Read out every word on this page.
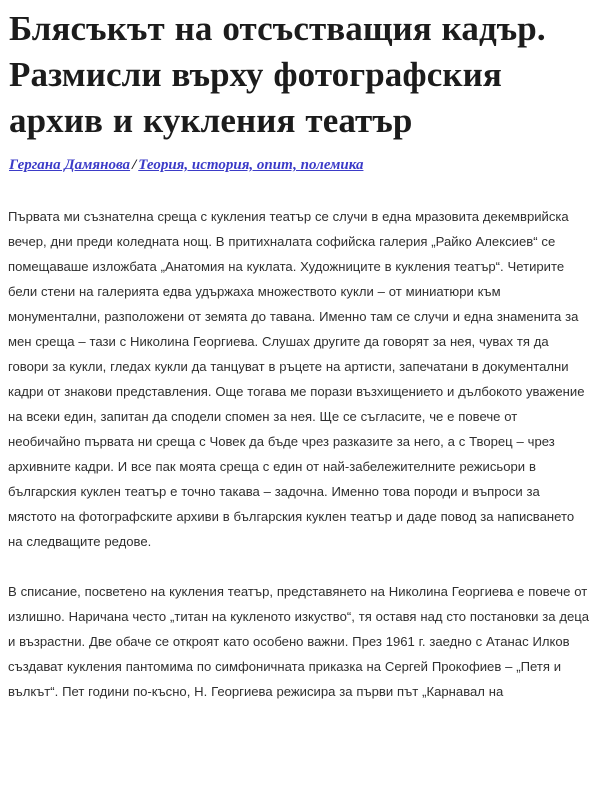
Блясъкът на отсъстващия кадър. Размисли върху фотографския архив и кукления театър
Гергана Дамянова / Теория, история, опит, полемика

Първата ми съзнателна среща с кукления театър се случи в една мразовита декемврийска вечер, дни преди коледната нощ. В притихналата софийска галерия „Райко Алексиев“ се помещаваше изложбата „Анатомия на куклата. Художниците в кукления театър“. Четирите бели стени на галерията едва удържаха множеството кукли – от миниатюри към монументални, разположени от земята до тавана. Именно там се случи и една знаменита за мен среща – тази с Николина Георгиева. Слушах другите да говорят за нея, чувах тя да говори за кукли, гледах кукли да танцуват в ръцете на артисти, запечатани в документални кадри от знакови представления. Още тогава ме порази възхищението и дълбокото уважение на всеки един, запитан да сподели спомен за нея. Ще се съгласите, че е повече от необичайно първата ни среща с Човек да бъде чрез разказите за него, а с Творец – чрез архивните кадри. И все пак моята среща с един от най-забележителните режисьори в българския куклен театър е точно такава – задочна. Именно това породи и въпроси за мястото на фотографските архиви в българския куклен театър и даде повод за написването на следващите редове.

В списание, посветено на кукления театър, представянето на Николина Георгиева е повече от излишно. Наричана често „титан на кукленото изкуство“, тя оставя над сто постановки за деца и възрастни. Две обаче се откроят като особено важни. През 1961 г. заедно с Атанас Илков създават кукления пантомима по симфоничната приказка на Сергей Прокофиев – „Петя и вълкът“. Пет години по-късно, Н. Георгиева режисира за първи път „Карнавал на
